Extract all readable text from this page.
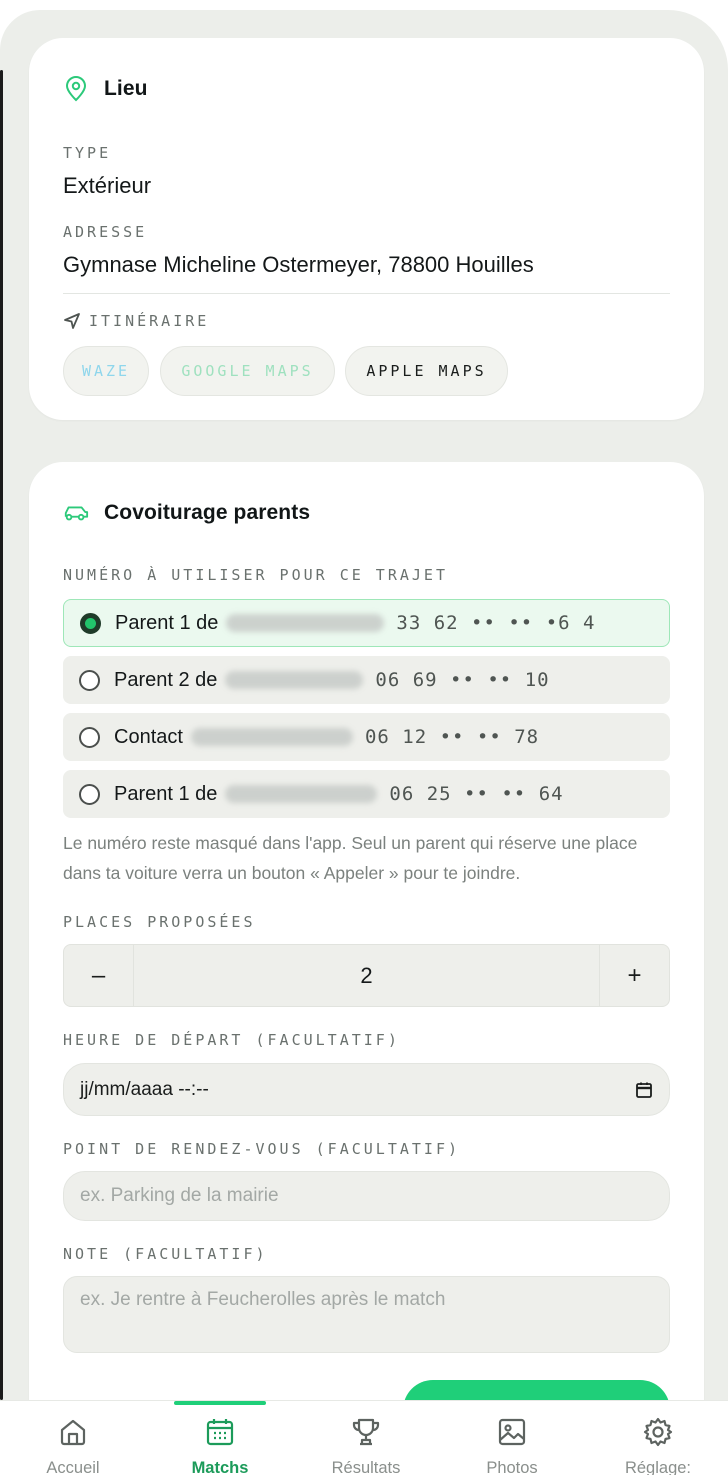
Lieu
TYPE
Extérieur
ADRESSE
Gymnase Micheline Ostermeyer, 78800 Houilles
ITINÉRAIRE
WAZE	GOOGLE MAPS	APPLE MAPS
Covoiturage parents
NUMÉRO À UTILISER POUR CE TRAJET
Parent 1 de	33 62 •• •• •6 4
Parent 2 de	06 69 •• •• 10
Contact	06 12 •• •• 78
Parent 1 de	06 25 •• •• 64
Le numéro reste masqué dans l'app. Seul un parent qui réserve une place dans ta voiture verra un bouton « Appeler » pour te joindre.
PLACES PROPOSÉES
–	2	+
HEURE DE DÉPART (FACULTATIF)
jj/mm/aaaa --:--
POINT DE RENDEZ-VOUS (FACULTATIF)
ex. Parking de la mairie
NOTE (FACULTATIF)
ex. Je rentre à Feucherolles après le match
Accueil	Matchs	Résultats	Photos	Réglage:
